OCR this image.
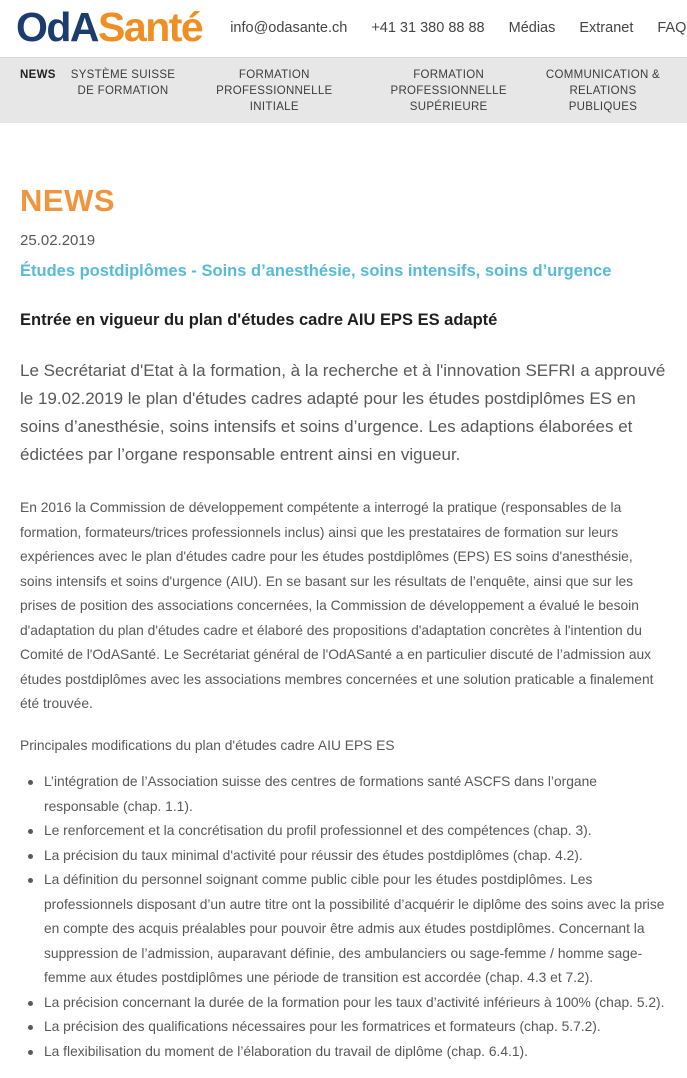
OdASanté info@odasante.ch +41 31 380 88 88 Médias Extranet FAQ
NEWS	SYSTÈME SUISSE DE FORMATION
FORMATION PROFESSIONNELLE INITIALE
FORMATION PROFESSIONNELLE SUPÉRIEURE
COMMUNICATION & RELATIONS PUBLIQUES
NEWS
25.02.2019
Études postdiplômes - Soins d’anesthésie, soins intensifs, soins d’urgence
Entrée en vigueur du plan d'études cadre AIU EPS ES adapté
Le Secrétariat d'Etat à la formation, à la recherche et à l'innovation SEFRI a approuvé le 19.02.2019 le plan d'études cadres adapté pour les études postdiplômes ES en soins d’anesthésie, soins intensifs et soins d’urgence. Les adaptions élaborées et édictées par l’organe responsable entrent ainsi en vigueur.
En 2016 la Commission de développement compétente a interrogé la pratique (responsables de la formation, formateurs/trices professionnels inclus) ainsi que les prestataires de formation sur leurs expériences avec le plan d'études cadre pour les études postdiplômes (EPS) ES soins d'anesthésie, soins intensifs et soins d'urgence (AIU). En se basant sur les résultats de l’enquête, ainsi que sur les prises de position des associations concernées, la Commission de développement a évalué le besoin d'adaptation du plan d'études cadre et élaboré des propositions d'adaptation concrètes à l'intention du Comité de l'OdASanté. Le Secrétariat général de l'OdASanté a en particulier discuté de l’admission aux études postdiplômes avec les associations membres concernées et une solution praticable a finalement été trouvée.
Principales modifications du plan d'études cadre AIU EPS ES
L’intégration de l’Association suisse des centres de formations santé ASCFS dans l’organe responsable (chap. 1.1).
Le renforcement et la concrétisation du profil professionnel et des compétences (chap. 3).
La précision du taux minimal d'activité pour réussir des études postdiplômes (chap. 4.2).
La définition du personnel soignant comme public cible pour les études postdiplômes. Les professionnels disposant d’un autre titre ont la possibilité d’acquérir le diplôme des soins avec la prise en compte des acquis préalables pour pouvoir être admis aux études postdiplômes. Concernant la suppression de l’admission, auparavant définie, des ambulanciers ou sage-femme / homme sage-femme aux études postdiplômes une période de transition est accordée (chap. 4.3 et 7.2).
La précision concernant la durée de la formation pour les taux d’activité inférieurs à 100% (chap. 5.2).
La précision des qualifications nécessaires pour les formatrices et formateurs (chap. 5.7.2).
La flexibilisation du moment de l’élaboration du travail de diplôme (chap. 6.4.1).
